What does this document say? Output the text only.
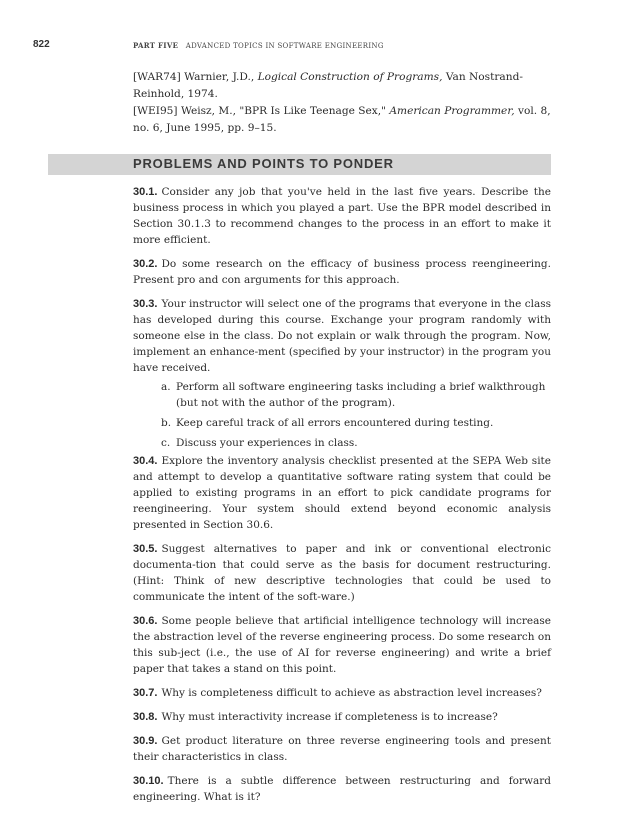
822	PART FIVE ADVANCED TOPICS IN SOFTWARE ENGINEERING

[WAR74] Warnier, J.D., Logical Construction of Programs, Van Nostrand-Reinhold, 1974.

[WEI95] Weisz, M., "BPR Is Like Teenage Sex," American Programmer, vol. 8, no. 6, June 1995, pp. 9–15.

PROBLEMS AND POINTS TO PONDER

30.1. Consider any job that you've held in the last five years. Describe the business process in which you played a part. Use the BPR model described in Section 30.1.3 to recommend changes to the process in an effort to make it more efficient.

30.2. Do some research on the efficacy of business process reengineering. Present pro and con arguments for this approach.

30.3. Your instructor will select one of the programs that everyone in the class has developed during this course. Exchange your program randomly with someone else in the class. Do not explain or walk through the program. Now, implement an enhance-ment (specified by your instructor) in the program you have received.

a. Perform all software engineering tasks including a brief walkthrough (but not with the author of the program).
b. Keep careful track of all errors encountered during testing.
c. Discuss your experiences in class.

30.4. Explore the inventory analysis checklist presented at the SEPA Web site and attempt to develop a quantitative software rating system that could be applied to existing programs in an effort to pick candidate programs for reengineering. Your system should extend beyond economic analysis presented in Section 30.6.

30.5. Suggest alternatives to paper and ink or conventional electronic documenta-tion that could serve as the basis for document restructuring. (Hint: Think of new descriptive technologies that could be used to communicate the intent of the soft-ware.)

30.6. Some people believe that artificial intelligence technology will increase the abstraction level of the reverse engineering process. Do some research on this sub-ject (i.e., the use of AI for reverse engineering) and write a brief paper that takes a stand on this point.

30.7. Why is completeness difficult to achieve as abstraction level increases?

30.8. Why must interactivity increase if completeness is to increase?

30.9. Get product literature on three reverse engineering tools and present their characteristics in class.

30.10. There is a subtle difference between restructuring and forward engineering. What is it?
